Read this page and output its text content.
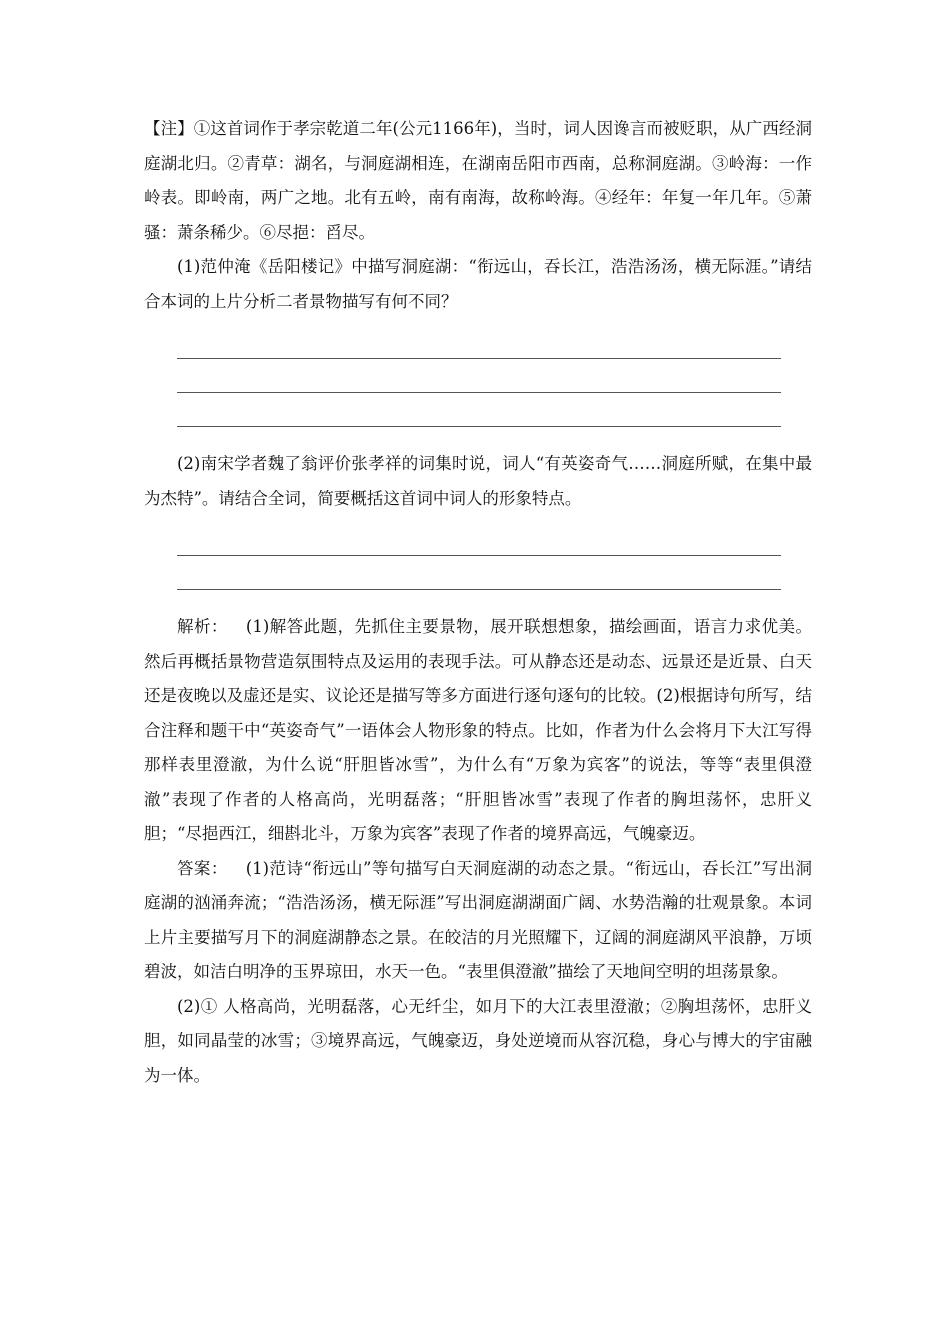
【注】①这首词作于孝宗乾道二年(公元1166年)，当时，词人因谗言而被贬职，从广西经洞庭湖北归。②青草：湖名，与洞庭湖相连，在湖南岳阳市西南，总称洞庭湖。③岭海：一作岭表。即岭南，两广之地。北有五岭，南有南海，故称岭海。④经年：年复一年几年。⑤萧骚：萧条稀少。⑥尽挹：舀尽。

(1)范仲淹《岳阳楼记》中描写洞庭湖：“衔远山，吞长江，浩浩汤汤，横无际涯。”请结合本词的上片分析二者景物描写有何不同？

(2)南宋学者魏了翁评价张孝祥的词集时说，词人“有英姿奇气……洞庭所赋，在集中最为杰特”。请结合全词，简要概括这首词中词人的形象特点。

解析： (1)解答此题，先抓住主要景物，展开联想想象，描绘画面，语言力求优美。然后再概括景物营造氛围特点及运用的表现手法。可从静态还是动态、远景还是近景、白天还是夜晚以及虚还是实、议论还是描写等多方面进行逐句逐句的比较。(2)根据诗句所写，结合注释和题干中“英姿奇气”一语体会人物形象的特点。比如，作者为什么会将月下大江写得那样表里澄澈，为什么说“肝胆皆冰雪”，为什么有“万象为宾客”的说法，等等“表里俱澄澈”表现了作者的人格高尚，光明磊落；“肝胆皆冰雪”表现了作者的胸坦荡怀，忠肝义胆；“尽挹西江，细斟北斗，万象为宾客”表现了作者的境界高远，气魄豪迈。

答案： (1)范诗“衔远山”等句描写白天洞庭湖的动态之景。“衔远山，吞长江”写出洞庭湖的汹涌奔流；“浩浩汤汤，横无际涯”写出洞庭湖湖面广阔、水势浩瀚的壮观景象。本词上片主要描写月下的洞庭湖静态之景。在皎洁的月光照耀下，辽阔的洞庭湖风平浪静，万顷碧波，如洁白明净的玉界琼田，水天一色。“表里俱澄澈”描绘了天地间空明的坦荡景象。

(2)① 人格高尚，光明磊落，心无纤尘，如月下的大江表里澄澈；②胸坦荡怀，忠肝义胆，如同晶莹的冰雪；③境界高远，气魄豪迈，身处逆境而从容沉稳，身心与博大的宇宙融为一体。
